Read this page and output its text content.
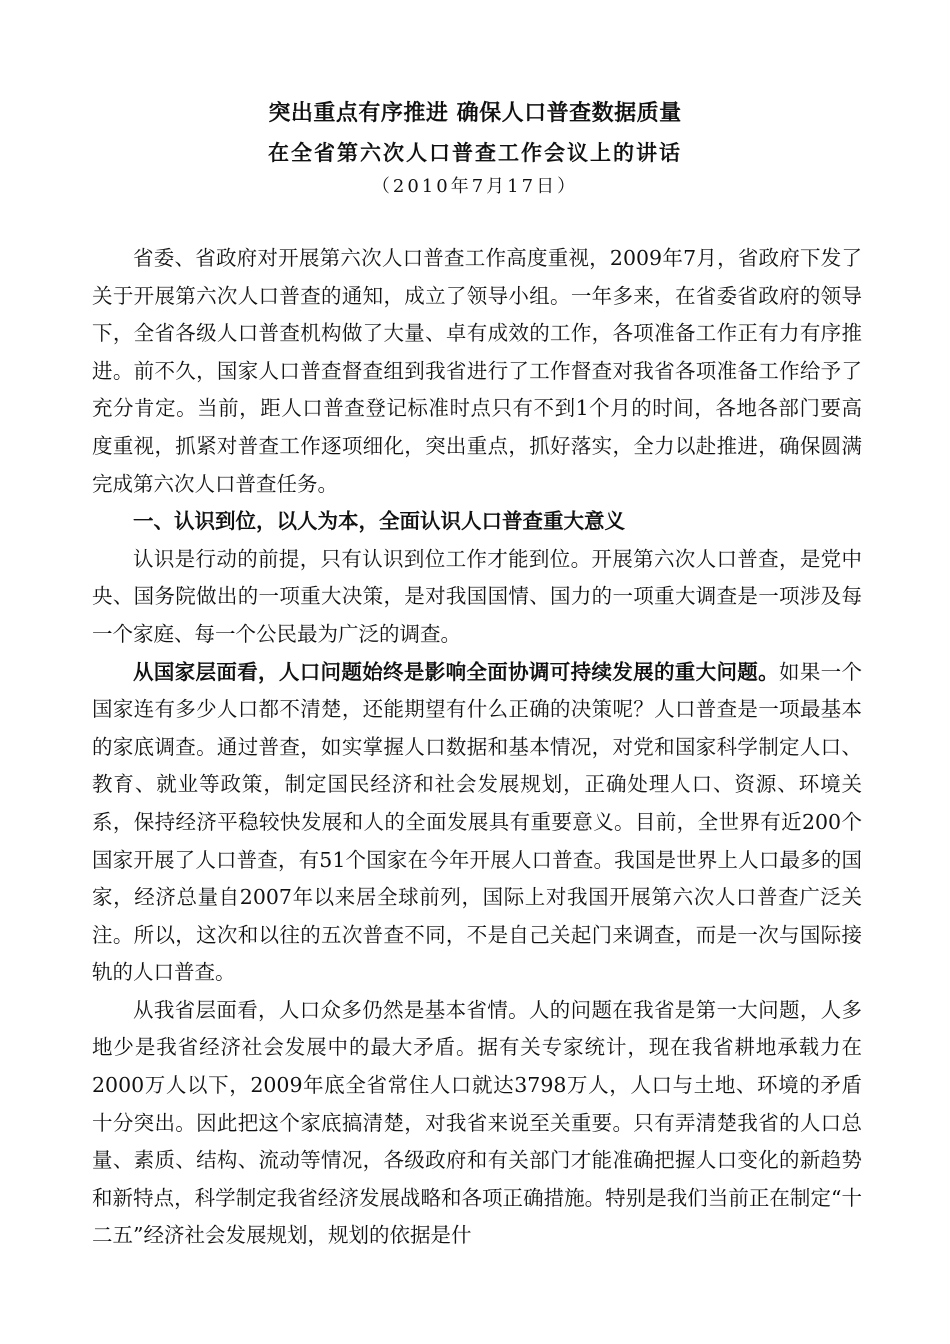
突出重点有序推进 确保人口普查数据质量
在全省第六次人口普查工作会议上的讲话
（2010年7月17日）

省委、省政府对开展第六次人口普查工作高度重视，2009年7月，省政府下发了关于开展第六次人口普查的通知，成立了领导小组。一年多来，在省委省政府的领导下，全省各级人口普查机构做了大量、卓有成效的工作，各项准备工作正有力有序推进。前不久，国家人口普查督查组到我省进行了工作督查对我省各项准备工作给予了充分肯定。当前，距人口普查登记标准时点只有不到1个月的时间，各地各部门要高度重视，抓紧对普查工作逐项细化，突出重点，抓好落实，全力以赴推进，确保圆满完成第六次人口普查任务。

一、认识到位，以人为本，全面认识人口普查重大意义

认识是行动的前提，只有认识到位工作才能到位。开展第六次人口普查，是党中央、国务院做出的一项重大决策，是对我国国情、国力的一项重大调查是一项涉及每一个家庭、每一个公民最为广泛的调查。

从国家层面看，人口问题始终是影响全面协调可持续发展的重大问题。如果一个国家连有多少人口都不清楚，还能期望有什么正确的决策呢？人口普查是一项最基本的家底调查。通过普查，如实掌握人口数据和基本情况，对党和国家科学制定人口、教育、就业等政策，制定国民经济和社会发展规划，正确处理人口、资源、环境关系，保持经济平稳较快发展和人的全面发展具有重要意义。目前，全世界有近200个国家开展了人口普查，有51个国家在今年开展人口普查。我国是世界上人口最多的国家，经济总量自2007年以来居全球前列，国际上对我国开展第六次人口普查广泛关注。所以，这次和以往的五次普查不同，不是自己关起门来调查，而是一次与国际接轨的人口普查。

从我省层面看，人口众多仍然是基本省情。人的问题在我省是第一大问题，人多地少是我省经济社会发展中的最大矛盾。据有关专家统计，现在我省耕地承载力在2000万人以下，2009年底全省常住人口就达3798万人，人口与土地、环境的矛盾十分突出。因此把这个家底搞清楚，对我省来说至关重要。只有弄清楚我省的人口总量、素质、结构、流动等情况，各级政府和有关部门才能准确把握人口变化的新趋势和新特点，科学制定我省经济发展战略和各项正确措施。特别是我们当前正在制定“十二五”经济社会发展规划，规划的依据是什
